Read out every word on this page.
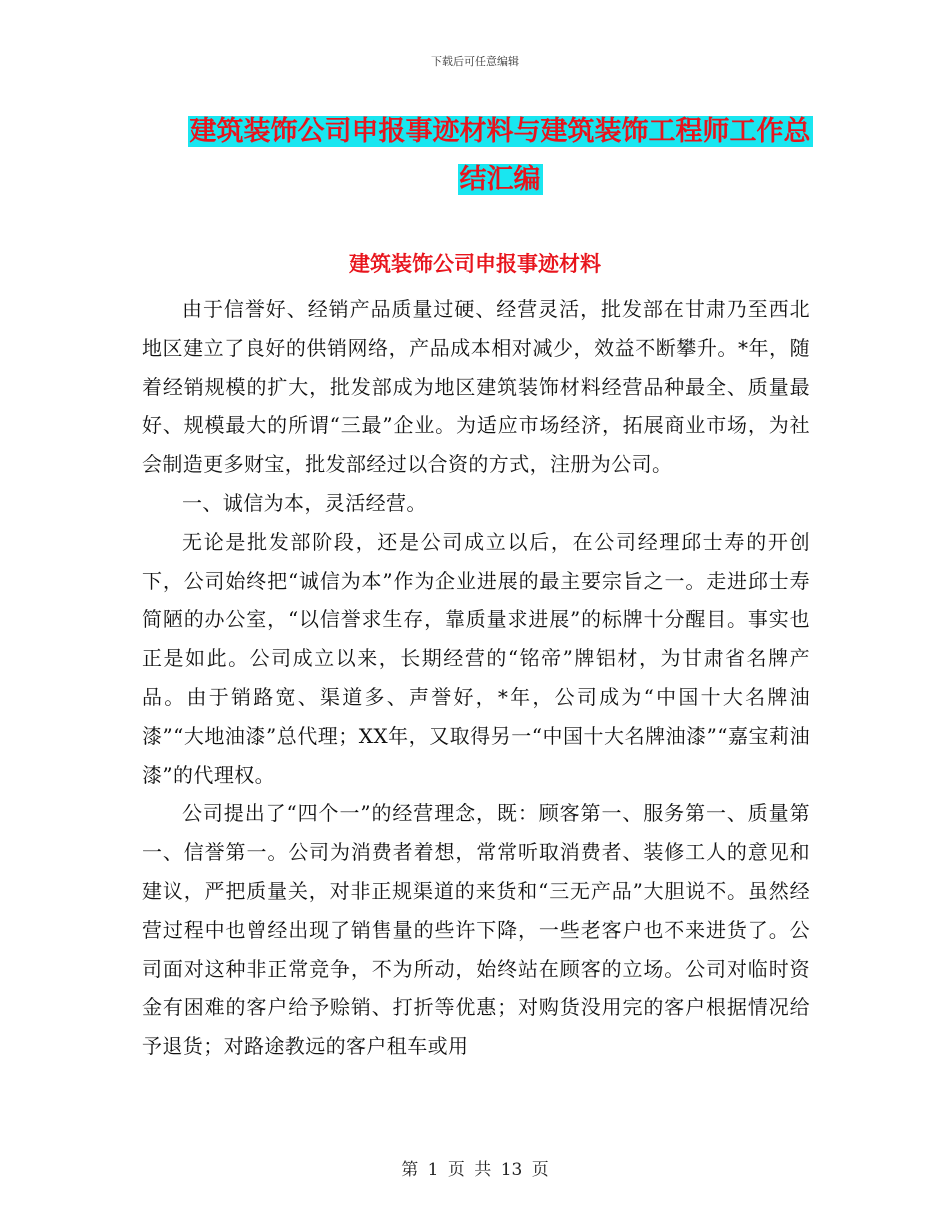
下载后可任意编辑
建筑装饰公司申报事迹材料与建筑装饰工程师工作总
结汇编
建筑装饰公司申报事迹材料

由于信誉好、经销产品质量过硬、经营灵活，批发部在甘肃乃至西北地区建立了良好的供销网络，产品成本相对减少，效益不断攀升。*年，随着经销规模的扩大，批发部成为地区建筑装饰材料经营品种最全、质量最好、规模最大的所谓“三最”企业。为适应市场经济，拓展商业市场，为社会制造更多财宝，批发部经过以合资的方式，注册为公司。

一、诚信为本，灵活经营。

无论是批发部阶段，还是公司成立以后，在公司经理邱士寿的开创下，公司始终把“诚信为本”作为企业进展的最主要宗旨之一。走进邱士寿简陋的办公室，“以信誉求生存，靠质量求进展”的标牌十分醒目。事实也正是如此。公司成立以来，长期经营的“铭帝”牌铝材，为甘肃省名牌产品。由于销路宽、渠道多、声誉好，*年，公司成为“中国十大名牌油漆”“大地油漆”总代理；XX年，又取得另一“中国十大名牌油漆”“嘉宝莉油漆”的代理权。

公司提出了“四个一”的经营理念，既：顾客第一、服务第一、质量第一、信誉第一。公司为消费者着想，常常听取消费者、装修工人的意见和建议，严把质量关，对非正规渠道的来货和“三无产品”大胆说不。虽然经营过程中也曾经出现了销售量的些许下降，一些老客户也不来进货了。公司面对这种非正常竞争，不为所动，始终站在顾客的立场。公司对临时资金有困难的客户给予赊销、打折等优惠；对购货没用完的客户根据情况给予退货；对路途教远的客户租车或用

第 1 页 共 13 页
